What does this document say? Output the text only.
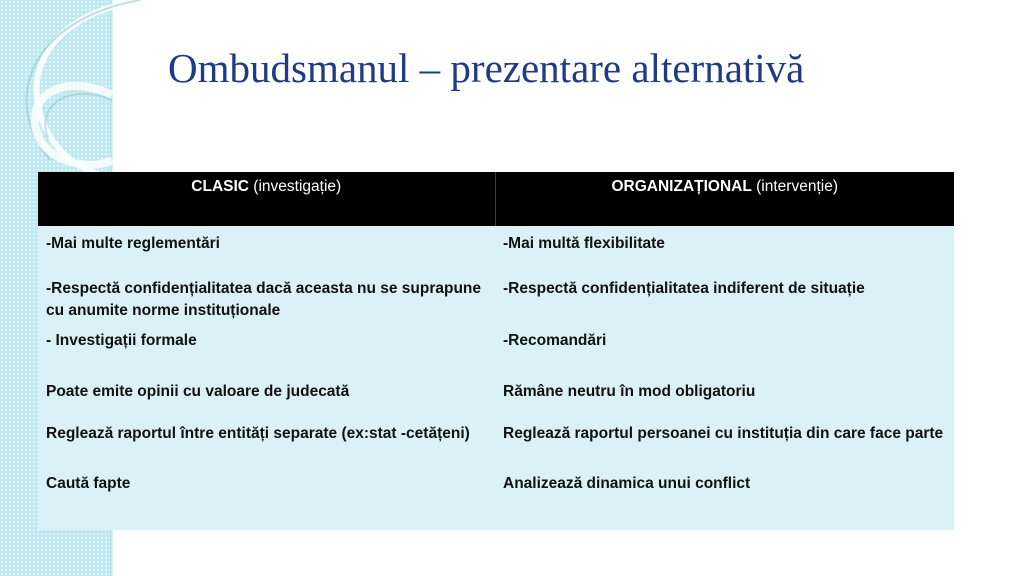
Ombudsmanul – prezentare alternativă
CLASIC (investigație)	ORGANIZAȚIONAL (intervenție)
-Mai multe reglementări	-Mai multă flexibilitate
-Respectă confidențialitatea dacă aceasta nu se suprapune cu anumite norme instituționale	-Respectă confidențialitatea indiferent de situație
- Investigații formale	-Recomandări
Poate emite opinii cu valoare de judecată	Rămâne neutru în mod obligatoriu
Reglează raportul între entități separate (ex:stat -cetățeni)	Reglează raportul persoanei cu instituția din care face parte
Caută fapte	Analizează dinamica unui conflict
